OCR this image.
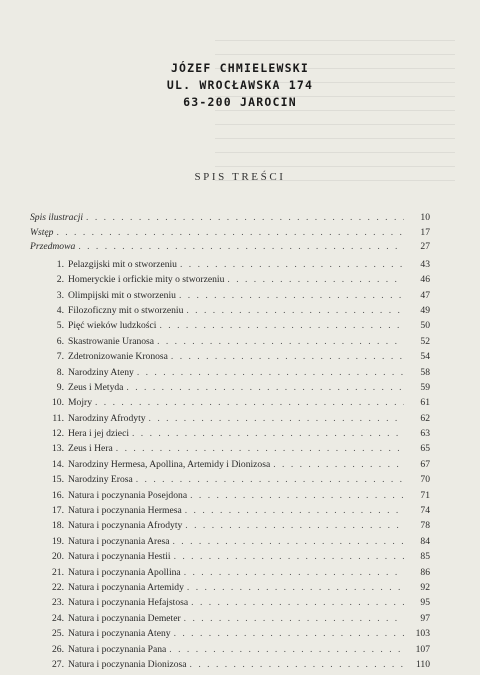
JÓZEF CHMIELEWSKI
UL. WROCŁAWSKA 174
63-200 JAROCIN
SPIS TREŚCI
Spis ilustracji . . .	10
Wstęp . . .	17
Przedmowa . . .	27
1. Pelazgijski mit o stworzeniu . . .	43
2. Homeryckie i orfickie mity o stworzeniu . . .	46
3. Olimpijski mit o stworzeniu . . .	47
4. Filozoficzny mit o stworzeniu . . .	49
5. Pięć wieków ludzkości . . .	50
6. Skastrowanie Uranosa . . .	52
7. Zdetronizowanie Kronosa . . .	54
8. Narodziny Ateny . . .	58
9. Zeus i Metyda . . .	59
10. Mojry . . .	61
11. Narodziny Afrodyty . . .	62
12. Hera i jej dzieci . . .	63
13. Zeus i Hera . . .	65
14. Narodziny Hermesa, Apollina, Artemidy i Dionizosa . . .	67
15. Narodziny Erosa . . .	70
16. Natura i poczynania Posejdona . . .	71
17. Natura i poczynania Hermesa . . .	74
18. Natura i poczynania Afrodyty . . .	78
19. Natura i poczynania Aresa . . .	84
20. Natura i poczynania Hestii . . .	85
21. Natura i poczynania Apollina . . .	86
22. Natura i poczynania Artemidy . . .	92
23. Natura i poczynania Hefajstosa . . .	95
24. Natura i poczynania Demeter . . .	97
25. Natura i poczynania Ateny . . .	103
26. Natura i poczynania Pana . . .	107
27. Natura i poczynania Dionizosa . . .	110
